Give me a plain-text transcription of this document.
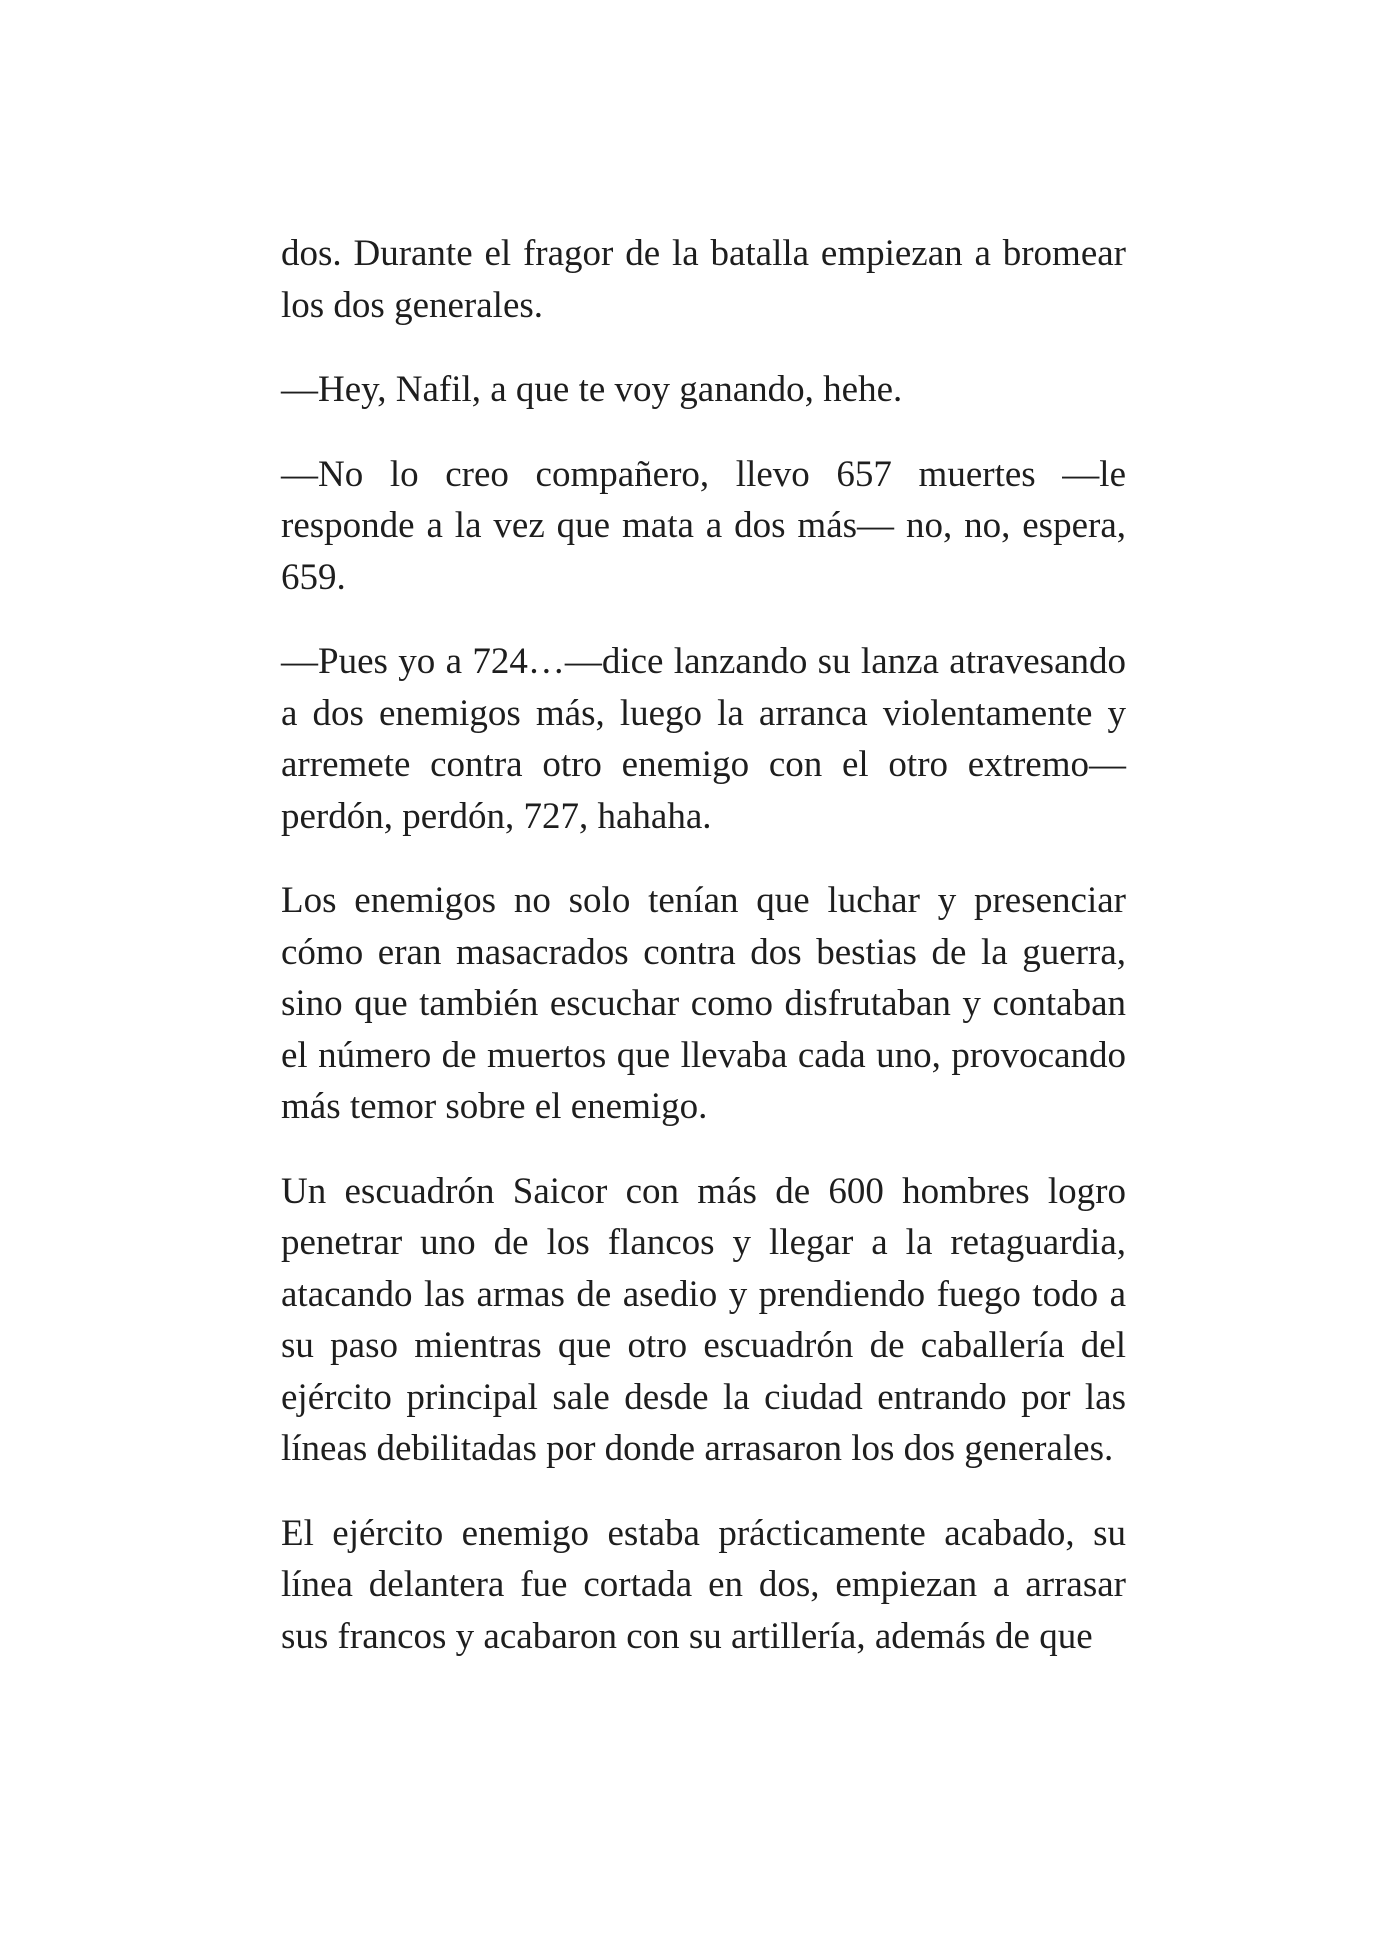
dos. Durante el fragor de la batalla empiezan a bromear los dos generales.

—Hey, Nafil, a que te voy ganando, hehe.

—No lo creo compañero, llevo 657 muertes —le responde a la vez que mata a dos más— no, no, espera, 659.

—Pues yo a 724…—dice lanzando su lanza atravesando a dos enemigos más, luego la arranca violentamente y arremete contra otro enemigo con el otro extremo— perdón, perdón, 727, hahaha.

Los enemigos no solo tenían que luchar y presenciar cómo eran masacrados contra dos bestias de la guerra, sino que también escuchar como disfrutaban y contaban el número de muertos que llevaba cada uno, provocando más temor sobre el enemigo.

Un escuadrón Saicor con más de 600 hombres logro penetrar uno de los flancos y llegar a la retaguardia, atacando las armas de asedio y prendiendo fuego todo a su paso mientras que otro escuadrón de caballería del ejército principal sale desde la ciudad entrando por las líneas debilitadas por donde arrasaron los dos generales.

El ejército enemigo estaba prácticamente acabado, su línea delantera fue cortada en dos, empiezan a arrasar sus francos y acabaron con su artillería, además de que
